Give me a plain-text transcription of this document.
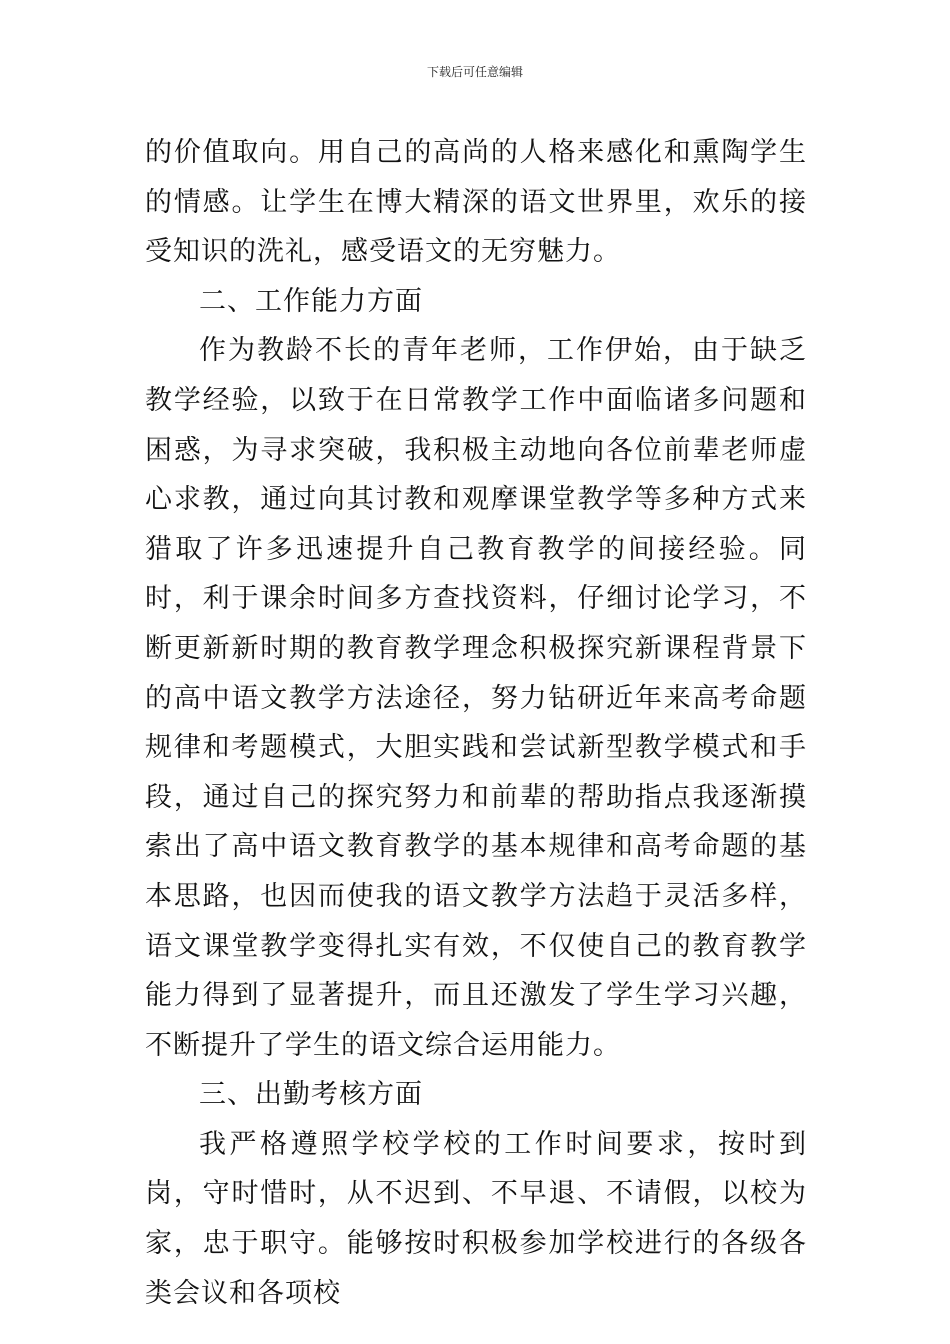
下载后可任意编辑

的价值取向。用自己的高尚的人格来感化和熏陶学生的情感。让学生在博大精深的语文世界里，欢乐的接受知识的洗礼，感受语文的无穷魅力。

二、工作能力方面

作为教龄不长的青年老师，工作伊始，由于缺乏教学经验，以致于在日常教学工作中面临诸多问题和困惑，为寻求突破，我积极主动地向各位前辈老师虚心求教，通过向其讨教和观摩课堂教学等多种方式来猎取了许多迅速提升自己教育教学的间接经验。同时，利于课余时间多方查找资料，仔细讨论学习，不断更新新时期的教育教学理念积极探究新课程背景下的高中语文教学方法途径，努力钻研近年来高考命题规律和考题模式，大胆实践和尝试新型教学模式和手段，通过自己的探究努力和前辈的帮助指点我逐渐摸索出了高中语文教育教学的基本规律和高考命题的基本思路，也因而使我的语文教学方法趋于灵活多样，语文课堂教学变得扎实有效，不仅使自己的教育教学能力得到了显著提升，而且还激发了学生学习兴趣，不断提升了学生的语文综合运用能力。

三、出勤考核方面

我严格遵照学校学校的工作时间要求，按时到岗，守时惜时，从不迟到、不早退、不请假，以校为家，忠于职守。能够按时积极参加学校进行的各级各类会议和各项校
